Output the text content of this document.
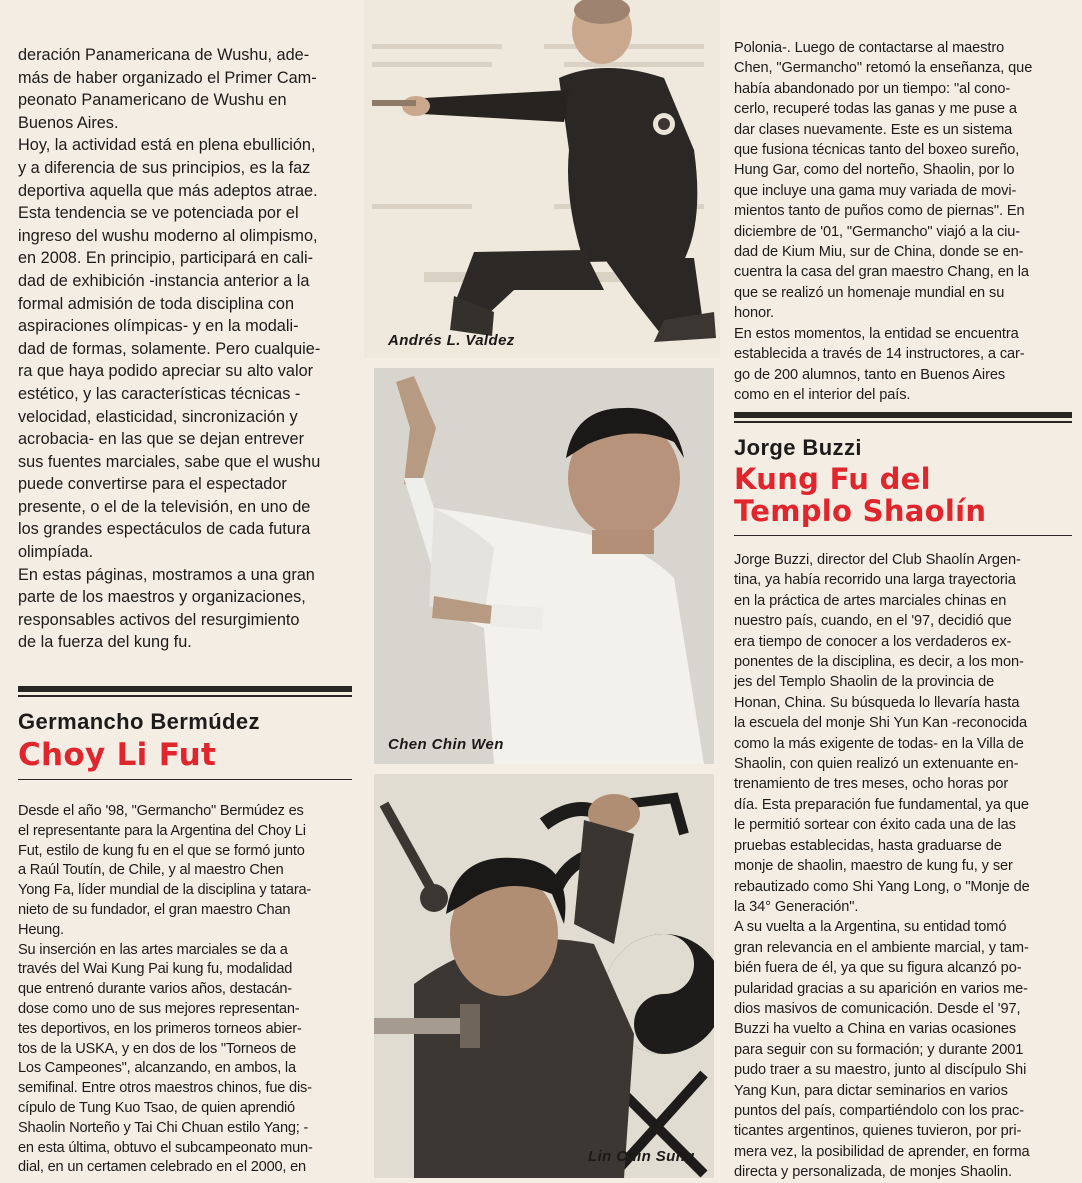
deración Panamericana de Wushu, ade-
más de haber organizado el Primer Cam-
peonato Panamericano de Wushu en
Buenos Aires.

Hoy, la actividad está en plena ebullición,
y a diferencia de sus principios, es la faz
deportiva aquella que más adeptos atrae.
Esta tendencia se ve potenciada por el
ingreso del wushu moderno al olimpismo,
en 2008. En principio, participará en cali-
dad de exhibición -instancia anterior a la
formal admisión de toda disciplina con
aspiraciones olímpicas- y en la modali-
dad de formas, solamente. Pero cualquie-
ra que haya podido apreciar su alto valor
estético, y las características técnicas -
velocidad, elasticidad, sincronización y
acrobacia- en las que se dejan entrever
sus fuentes marciales, sabe que el wushu
puede convertirse para el espectador
presente, o el de la televisión, en uno de
los grandes espectáculos de cada futura
olimpíada.

En estas páginas, mostramos a una gran
parte de los maestros y organizaciones,
responsables activos del resurgimiento
de la fuerza del kung fu.

Germancho Bermúdez
Choy Li Fut

Desde el año '98, "Germancho" Bermúdez es
el representante para la Argentina del Choy Li
Fut, estilo de kung fu en el que se formó junto
a Raúl Toutín, de Chile, y al maestro Chen
Yong Fa, líder mundial de la disciplina y tatara-
nieto de su fundador, el gran maestro Chan
Heung.

Su inserción en las artes marciales se da a
través del Wai Kung Pai kung fu, modalidad
que entrenó durante varios años, destacán-
dose como uno de sus mejores representan-
tes deportivos, en los primeros torneos abier-
tos de la USKA, y en dos de los "Torneos de
Los Campeones", alcanzando, en ambos, la
semifinal. Entre otros maestros chinos, fue dis-
cípulo de Tung Kuo Tsao, de quien aprendió
Shaolin Norteño y Tai Chi Chuan estilo Yang; -
en esta última, obtuvo el subcampeonato mun-
dial, en un certamen celebrado en el 2000, en

Andrés L. Valdez
Chen Chin Wen
Lin Chin Sung

Polonia-. Luego de contactarse al maestro
Chen, "Germancho" retomó la enseñanza, que
había abandonado por un tiempo: "al cono-
cerlo, recuperé todas las ganas y me puse a
dar clases nuevamente. Este es un sistema
que fusiona técnicas tanto del boxeo sureño,
Hung Gar, como del norteño, Shaolin, por lo
que incluye una gama muy variada de movi-
mientos tanto de puños como de piernas". En
diciembre de '01, "Germancho" viajó a la ciu-
dad de Kium Miu, sur de China, donde se en-
cuentra la casa del gran maestro Chang, en la
que se realizó un homenaje mundial en su
honor.

En estos momentos, la entidad se encuentra
establecida a través de 14 instructores, a car-
go de 200 alumnos, tanto en Buenos Aires
como en el interior del país.

Jorge Buzzi
Kung Fu del
Templo Shaolín

Jorge Buzzi, director del Club Shaolín Argen-
tina, ya había recorrido una larga trayectoria
en la práctica de artes marciales chinas en
nuestro país, cuando, en el '97, decidió que
era tiempo de conocer a los verdaderos ex-
ponentes de la disciplina, es decir, a los mon-
jes del Templo Shaolin de la provincia de
Honan, China. Su búsqueda lo llevaría hasta
la escuela del monje Shi Yun Kan -reconocida
como la más exigente de todas- en la Villa de
Shaolin, con quien realizó un extenuante en-
trenamiento de tres meses, ocho horas por
día. Esta preparación fue fundamental, ya que
le permitió sortear con éxito cada una de las
pruebas establecidas, hasta graduarse de
monje de shaolin, maestro de kung fu, y ser
rebautizado como Shi Yang Long, o "Monje de
la 34° Generación".

A su vuelta a la Argentina, su entidad tomó
gran relevancia en el ambiente marcial, y tam-
bién fuera de él, ya que su figura alcanzó po-
pularidad gracias a su aparición en varios me-
dios masivos de comunicación. Desde el '97,
Buzzi ha vuelto a China en varias ocasiones
para seguir con su formación; y durante 2001
pudo traer a su maestro, junto al discípulo Shi
Yang Kun, para dictar seminarios en varios
puntos del país, compartiéndolo con los prac-
ticantes argentinos, quienes tuvieron, por pri-
mera vez, la posibilidad de aprender, en forma
directa y personalizada, de monjes Shaolin.
